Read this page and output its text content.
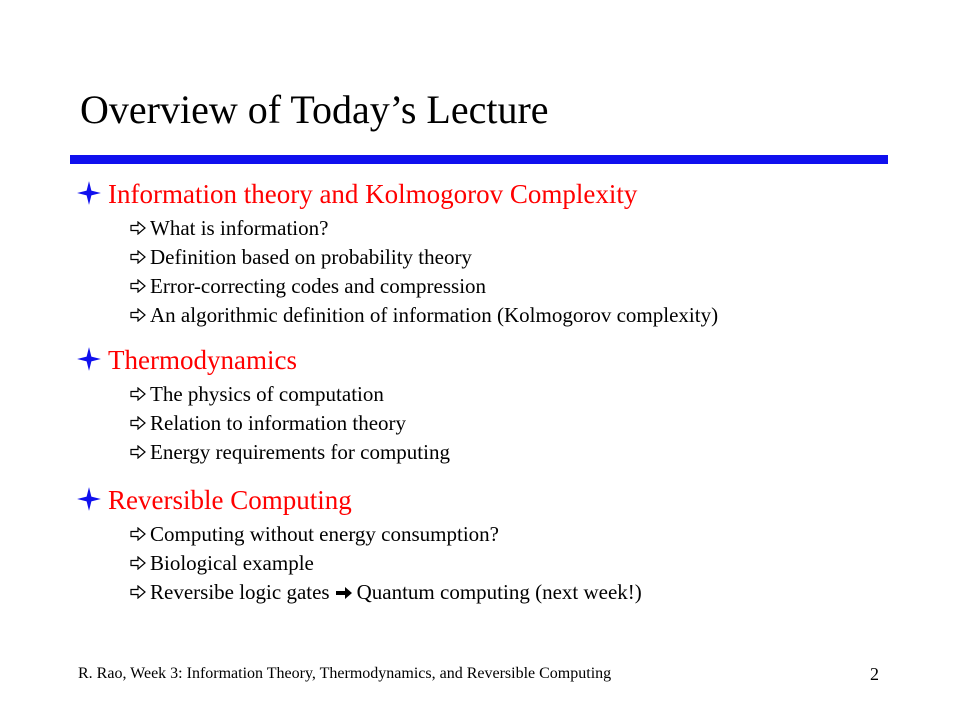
Overview of Today’s Lecture
Information theory and Kolmogorov Complexity
What is information?
Definition based on probability theory
Error-correcting codes and compression
An algorithmic definition of information (Kolmogorov complexity)
Thermodynamics
The physics of computation
Relation to information theory
Energy requirements for computing
Reversible Computing
Computing without energy consumption?
Biological example
Reversibe logic gates Quantum computing (next week!)
R. Rao, Week 3: Information Theory, Thermodynamics, and Reversible Computing	2
